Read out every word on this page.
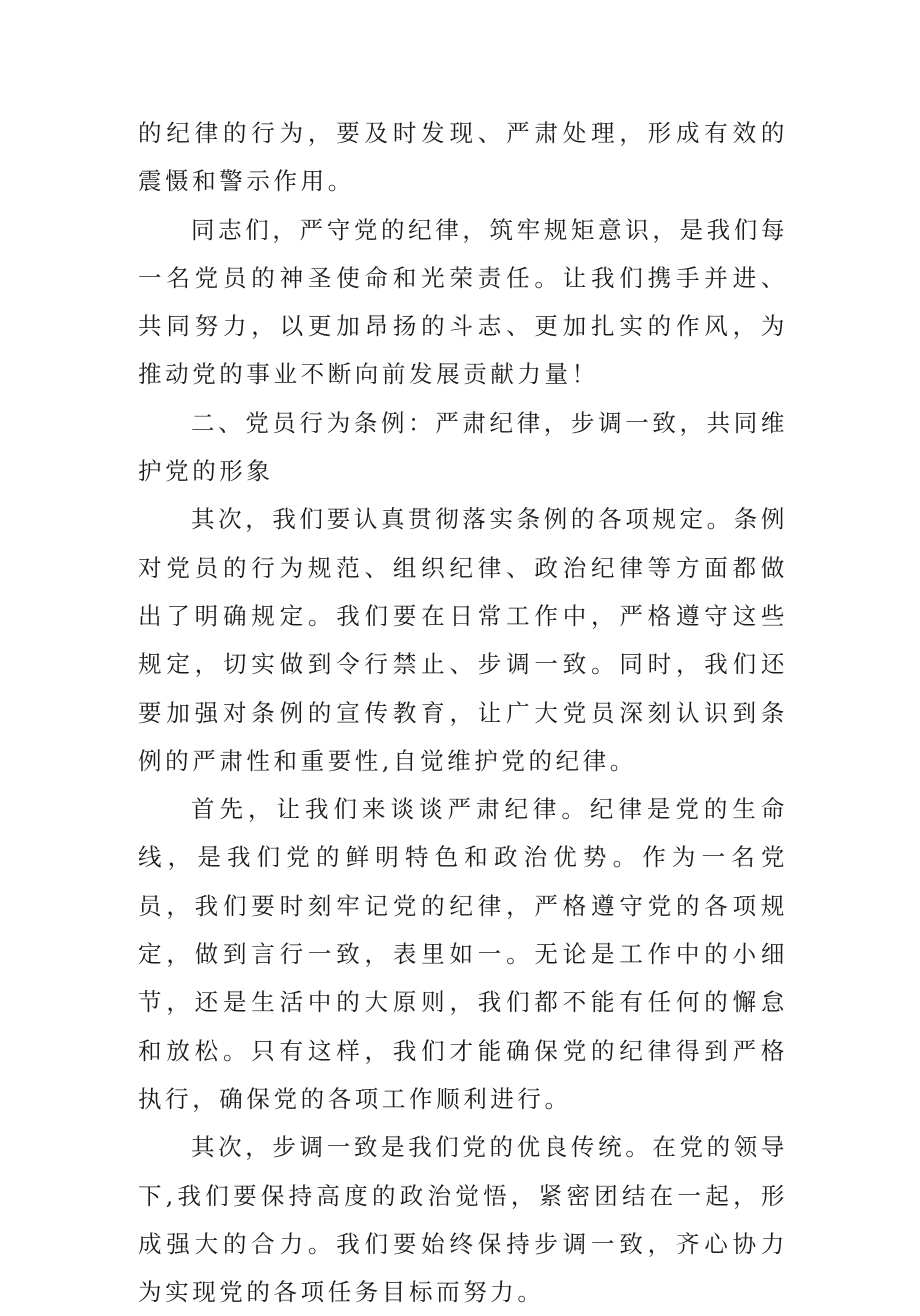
的纪律的行为，要及时发现、严肃处理，形成有效的震慑和警示作用。

同志们，严守党的纪律，筑牢规矩意识，是我们每一名党员的神圣使命和光荣责任。让我们携手并进、共同努力，以更加昂扬的斗志、更加扎实的作风，为推动党的事业不断向前发展贡献力量！

二、党员行为条例：严肃纪律，步调一致，共同维护党的形象

其次，我们要认真贯彻落实条例的各项规定。条例对党员的行为规范、组织纪律、政治纪律等方面都做出了明确规定。我们要在日常工作中，严格遵守这些规定，切实做到令行禁止、步调一致。同时，我们还要加强对条例的宣传教育，让广大党员深刻认识到条例的严肃性和重要性,自觉维护党的纪律。

首先，让我们来谈谈严肃纪律。纪律是党的生命线，是我们党的鲜明特色和政治优势。作为一名党员，我们要时刻牢记党的纪律，严格遵守党的各项规定，做到言行一致，表里如一。无论是工作中的小细节，还是生活中的大原则，我们都不能有任何的懈怠和放松。只有这样，我们才能确保党的纪律得到严格执行，确保党的各项工作顺利进行。

其次，步调一致是我们党的优良传统。在党的领导下,我们要保持高度的政治觉悟，紧密团结在一起，形成强大的合力。我们要始终保持步调一致，齐心协力为实现党的各项任务目标而努力。
